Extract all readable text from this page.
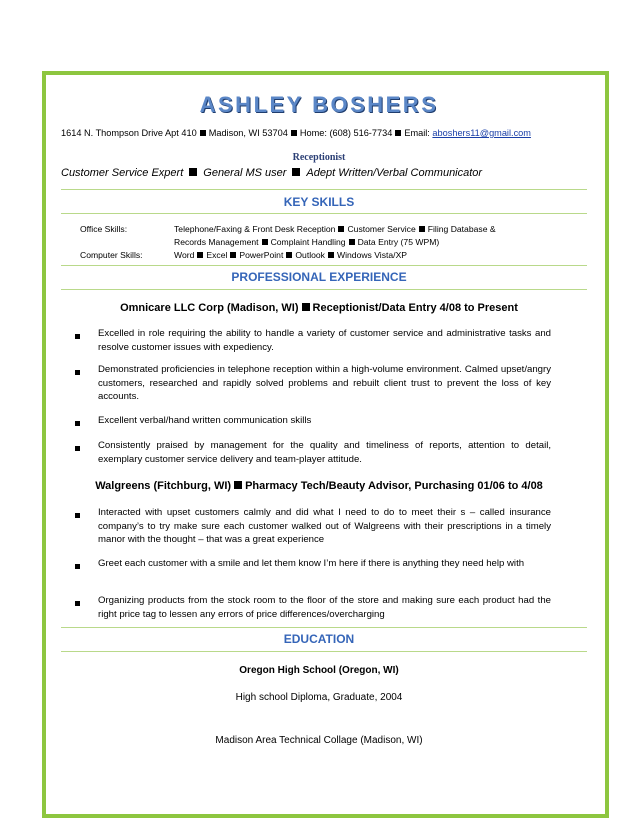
ASHLEY BOSHERS
1614 N. Thompson Drive Apt 410 Madison, WI 53704 Home: (608) 516-7734 Email: aboshers11@gmail.com
Receptionist
Customer Service Expert General MS user Adept Written/Verbal Communicator
KEY SKILLS
Office Skills:	Telephone/Faxing & Front Desk Reception Customer Service Filing Database &
Records Management Complaint Handling Data Entry (75 WPM)
Computer Skills:	Word Excel PowerPoint Outlook Windows Vista/XP
PROFESSIONAL EXPERIENCE
Omnicare LLC Corp (Madison, WI) Receptionist/Data Entry 4/08 to Present
Excelled in role requiring the ability to handle a variety of customer service and administrative tasks and resolve customer issues with expediency.
Demonstrated proficiencies in telephone reception within a high-volume environment. Calmed upset/angry customers, researched and rapidly solved problems and rebuilt client trust to prevent the loss of key accounts.
Excellent verbal/hand written communication skills
Consistently praised by management for the quality and timeliness of reports, attention to detail, exemplary customer service delivery and team-player attitude.
Walgreens (Fitchburg, WI) Pharmacy Tech/Beauty Advisor, Purchasing 01/06 to 4/08
Interacted with upset customers calmly and did what I need to do to meet their s – called insurance company’s to try make sure each customer walked out of Walgreens with their prescriptions in a timely manor with the thought – that was a great experience
Greet each customer with a smile and let them know I’m here if there is anything they need help with
Organizing products from the stock room to the floor of the store and making sure each product had the right price tag to lessen any errors of price differences/overcharging
EDUCATION
Oregon High School (Oregon, WI)
High school Diploma, Graduate, 2004
Madison Area Technical Collage (Madison, WI)
